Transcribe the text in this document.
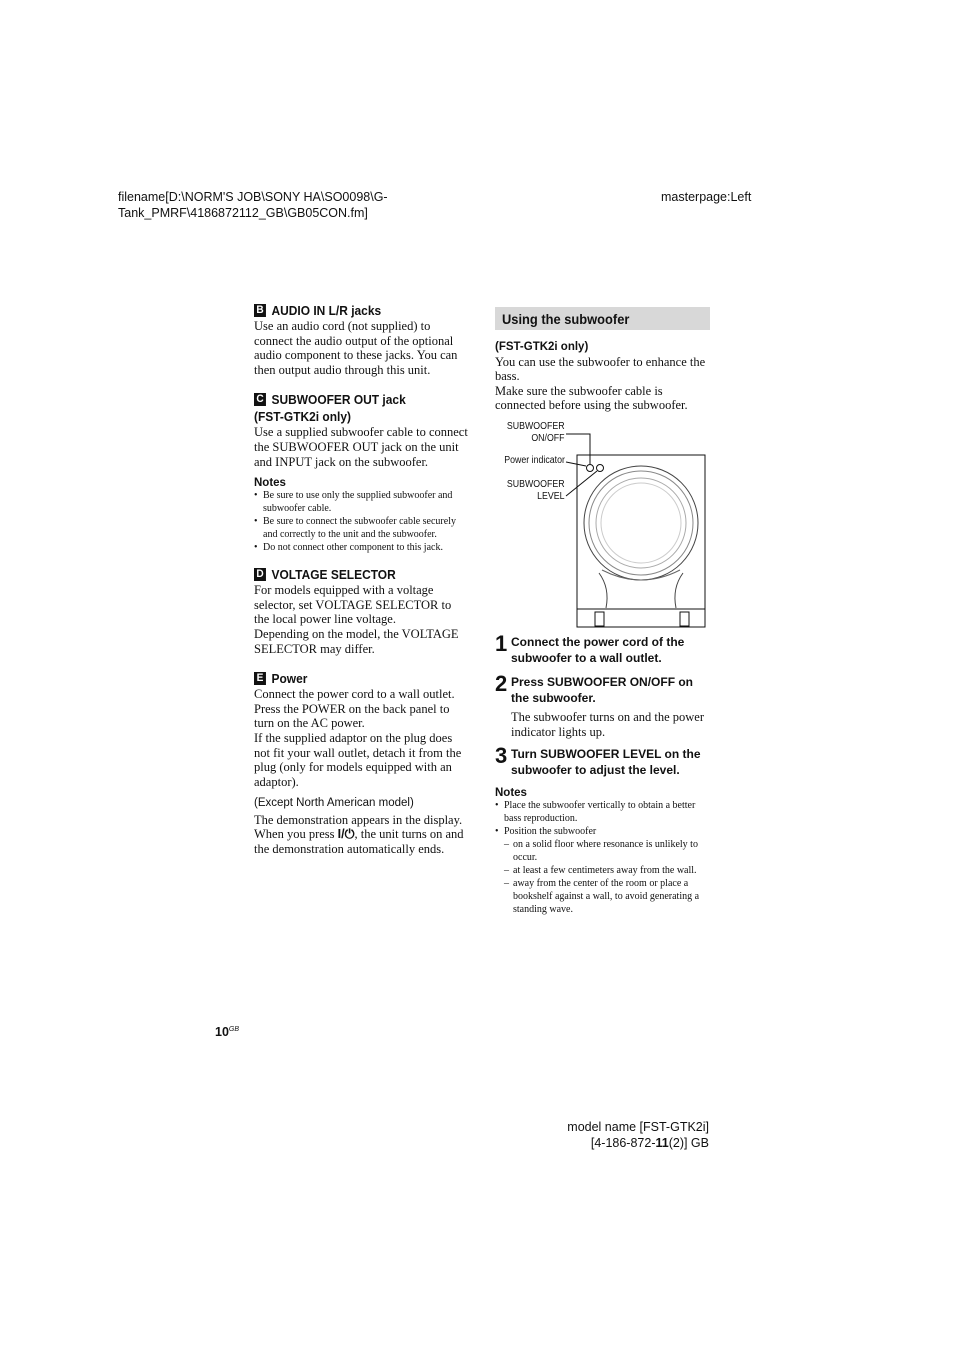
filename[D:\NORM'S JOB\SONY HA\SO0098\G-
Tank_PMRF\4186872112_GB\GB05CON.fm]
masterpage:Left
B AUDIO IN L/R jacks

Use an audio cord (not supplied) to connect the audio output of the optional audio component to these jacks. You can then output audio through this unit.

C SUBWOOFER OUT jack
(FST-GTK2i only)

Use a supplied subwoofer cable to connect the SUBWOOFER OUT jack on the unit and INPUT jack on the subwoofer.

Notes

• Be sure to use only the supplied subwoofer and subwoofer cable.
• Be sure to connect the subwoofer cable securely and correctly to the unit and the subwoofer.
• Do not connect other component to this jack.
D VOLTAGE SELECTOR

For models equipped with a voltage selector, set VOLTAGE SELECTOR to the local power line voltage.

Depending on the model, the VOLTAGE SELECTOR may differ.

E Power

Connect the power cord to a wall outlet. Press the POWER on the back panel to turn on the AC power.

If the supplied adaptor on the plug does not fit your wall outlet, detach it from the plug (only for models equipped with an adaptor).

(Except North American model)

The demonstration appears in the display. When you press I/⏻, the unit turns on and the demonstration automatically ends.

Using the subwoofer

(FST-GTK2i only)

You can use the subwoofer to enhance the bass.

Make sure the subwoofer cable is connected before using the subwoofer.

SUBWOOFER
ON/OFF
Power indicator
SUBWOOFER
LEVEL
1 Connect the power cord of the subwoofer to a wall outlet.
2 Press SUBWOOFER ON/OFF on the subwoofer.

The subwoofer turns on and the power indicator lights up.

3 Turn SUBWOOFER LEVEL on the subwoofer to adjust the level.

Notes

• Place the subwoofer vertically to obtain a better bass reproduction.
• Position the subwoofer
– on a solid floor where resonance is unlikely to occur.
– at least a few centimeters away from the wall.
– away from the center of the room or place a bookshelf against a wall, to avoid generating a standing wave.
$10^{GB}$
model name [FST-GTK2i]
[4-186-872-11(2)] GB
